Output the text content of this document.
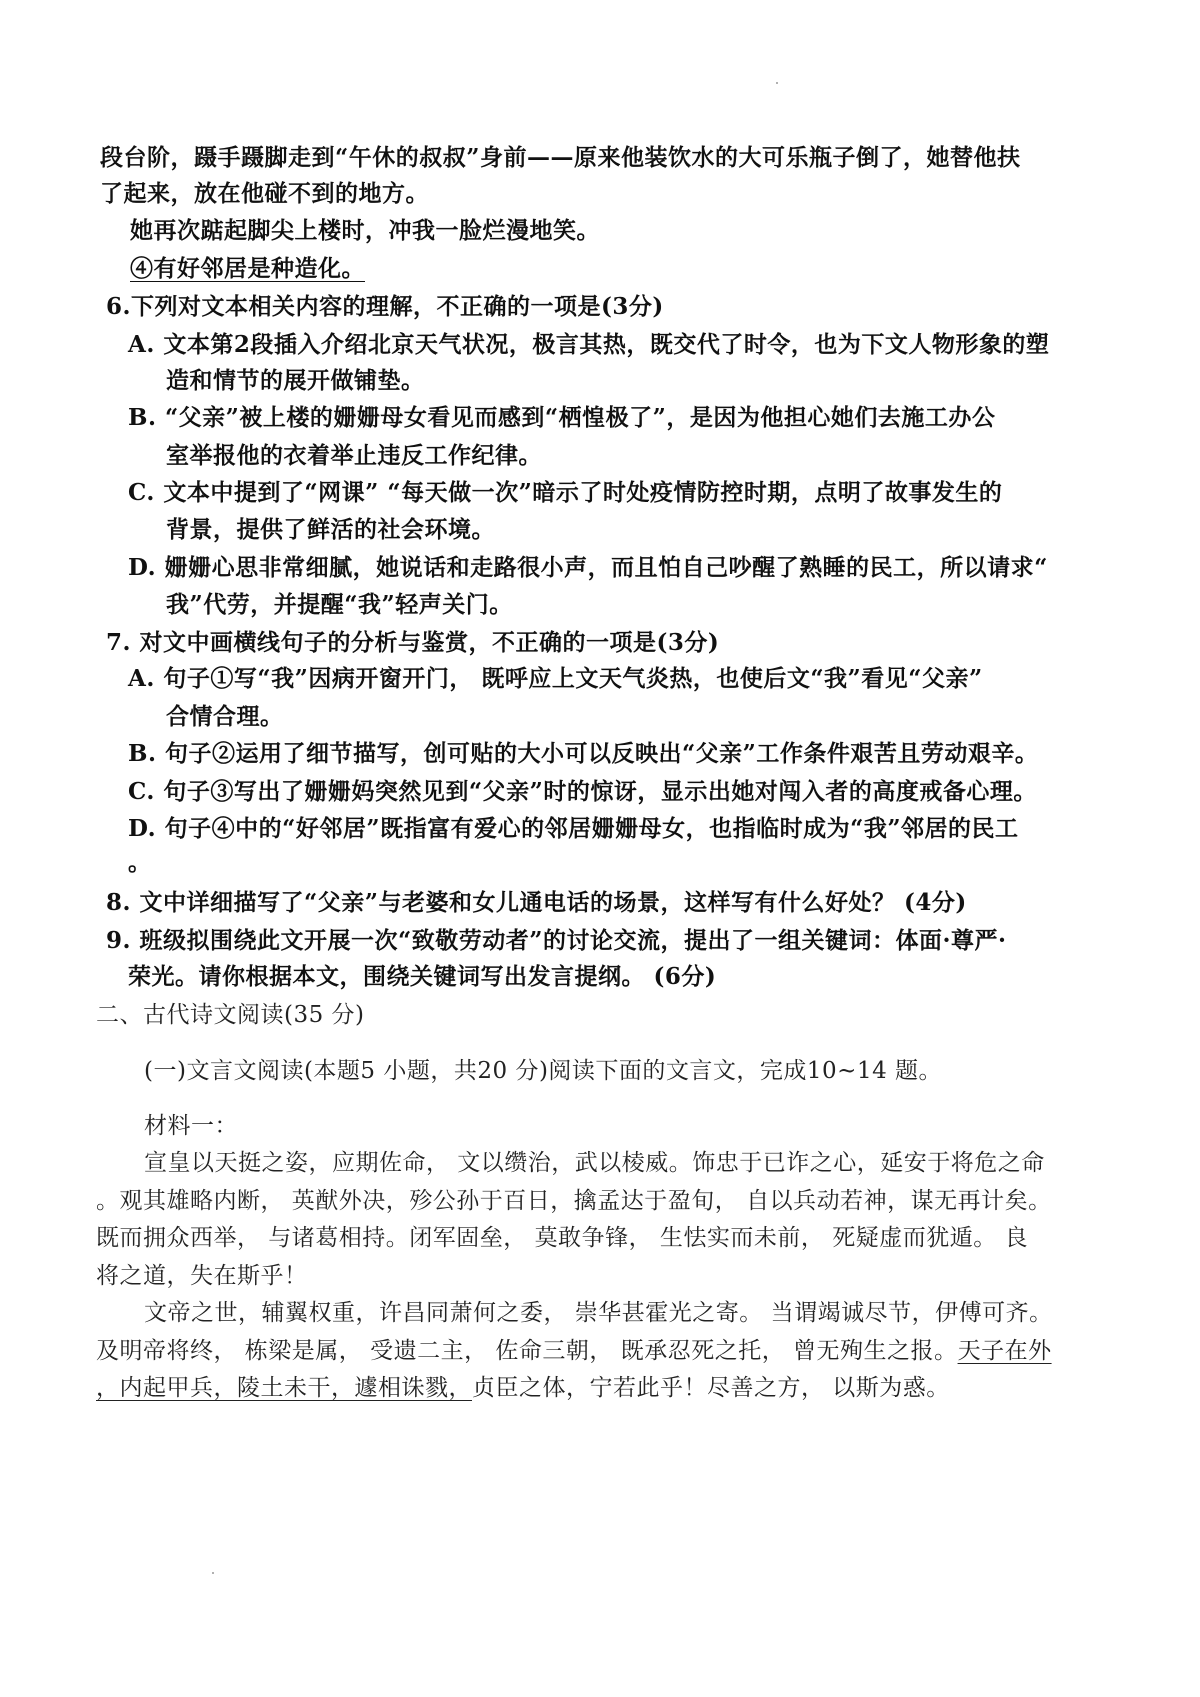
段台阶，蹑手蹑脚走到“午休的叔叔”身前——原来他装饮水的大可乐瓶子倒了，她替他扶
了起来，放在他碰不到的地方。
她再次踮起脚尖上楼时，冲我一脸烂漫地笑。
④有好邻居是种造化。
6.下列对文本相关内容的理解，不正确的一项是(3分)
A. 文本第2段插入介绍北京天气状况，极言其热，既交代了时令，也为下文人物形象的塑
造和情节的展开做铺垫。
B. “父亲”被上楼的姗姗母女看见而感到“栖惶极了”，是因为他担心她们去施工办公
室举报他的衣着举止违反工作纪律。
C. 文本中提到了“网课” “每天做一次”暗示了时处疫情防控时期，点明了故事发生的
背景，提供了鲜活的社会环境。
D. 姗姗心思非常细腻，她说话和走路很小声，而且怕自己吵醒了熟睡的民工，所以请求“
我”代劳，并提醒“我”轻声关门。
7. 对文中画横线句子的分析与鉴赏，不正确的一项是(3分)
A. 句子①写“我”因病开窗开门， 既呼应上文天气炎热，也使后文“我”看见“父亲”
合情合理。
B. 句子②运用了细节描写，创可贴的大小可以反映出“父亲”工作条件艰苦且劳动艰辛。
C. 句子③写出了姗姗妈突然见到“父亲”时的惊讶，显示出她对闯入者的高度戒备心理。
D. 句子④中的“好邻居”既指富有爱心的邻居姗姗母女，也指临时成为“我”邻居的民工
。
8. 文中详细描写了“父亲”与老婆和女儿通电话的场景，这样写有什么好处？ (4分)
9. 班级拟围绕此文开展一次“致敬劳动者”的讨论交流，提出了一组关键词：体面·尊严·
荣光。请你根据本文，围绕关键词写出发言提纲。 (6分)
二、古代诗文阅读(35 分)
(一)文言文阅读(本题5 小题，共20 分)阅读下面的文言文，完成10~14 题。
材料一：
宣皇以天挺之姿，应期佐命， 文以缵治，武以棱威。饰忠于已诈之心，延安于将危之命
。观其雄略内断， 英猷外决，殄公孙于百日，擒孟达于盈旬， 自以兵动若神，谋无再计矣。
既而拥众西举， 与诸葛相持。闭军固垒， 莫敢争锋， 生怯实而未前， 死疑虚而犹遁。 良
将之道，失在斯乎！
文帝之世，辅翼权重，许昌同萧何之委， 崇华甚霍光之寄。 当谓竭诚尽节，伊傅可齐。
及明帝将终， 栋梁是属， 受遗二主， 佐命三朝， 既承忍死之托， 曾无殉生之报。天子在外
，内起甲兵，陵土未干，遽相诛戮，贞臣之体，宁若此乎！尽善之方， 以斯为惑。
